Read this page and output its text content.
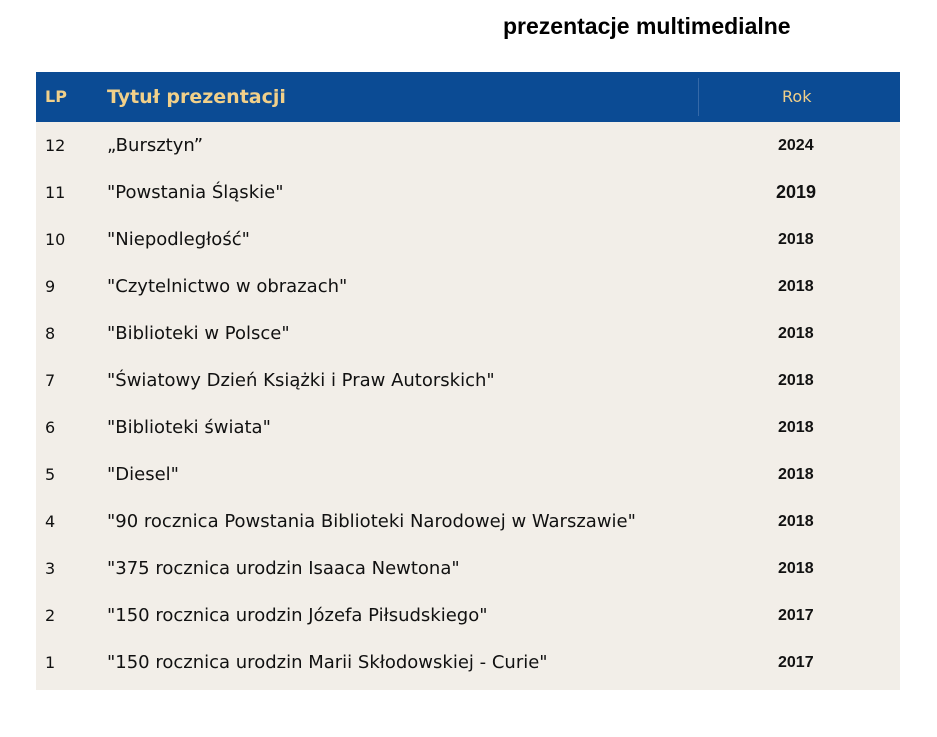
prezentacje multimedialne
LP Tytuł prezentacji	Rok
12 „Bursztyn”	2024
11 "Powstania Śląskie"	2019
10 "Niepodległość"	2018
9	"Czytelnictwo w obrazach"	2018
8	"Biblioteki w Polsce"	2018
7	"Światowy Dzień Książki i Praw Autorskich"	2018
6	"Biblioteki świata"	2018
5	"Diesel"	2018
4	"90 rocznica Powstania Biblioteki Narodowej w Warszawie"	2018
3	"375 rocznica urodzin Isaaca Newtona"	2018
2	"150 rocznica urodzin Józefa Piłsudskiego"	2017
1	"150 rocznica urodzin Marii Skłodowskiej - Curie"	2017
